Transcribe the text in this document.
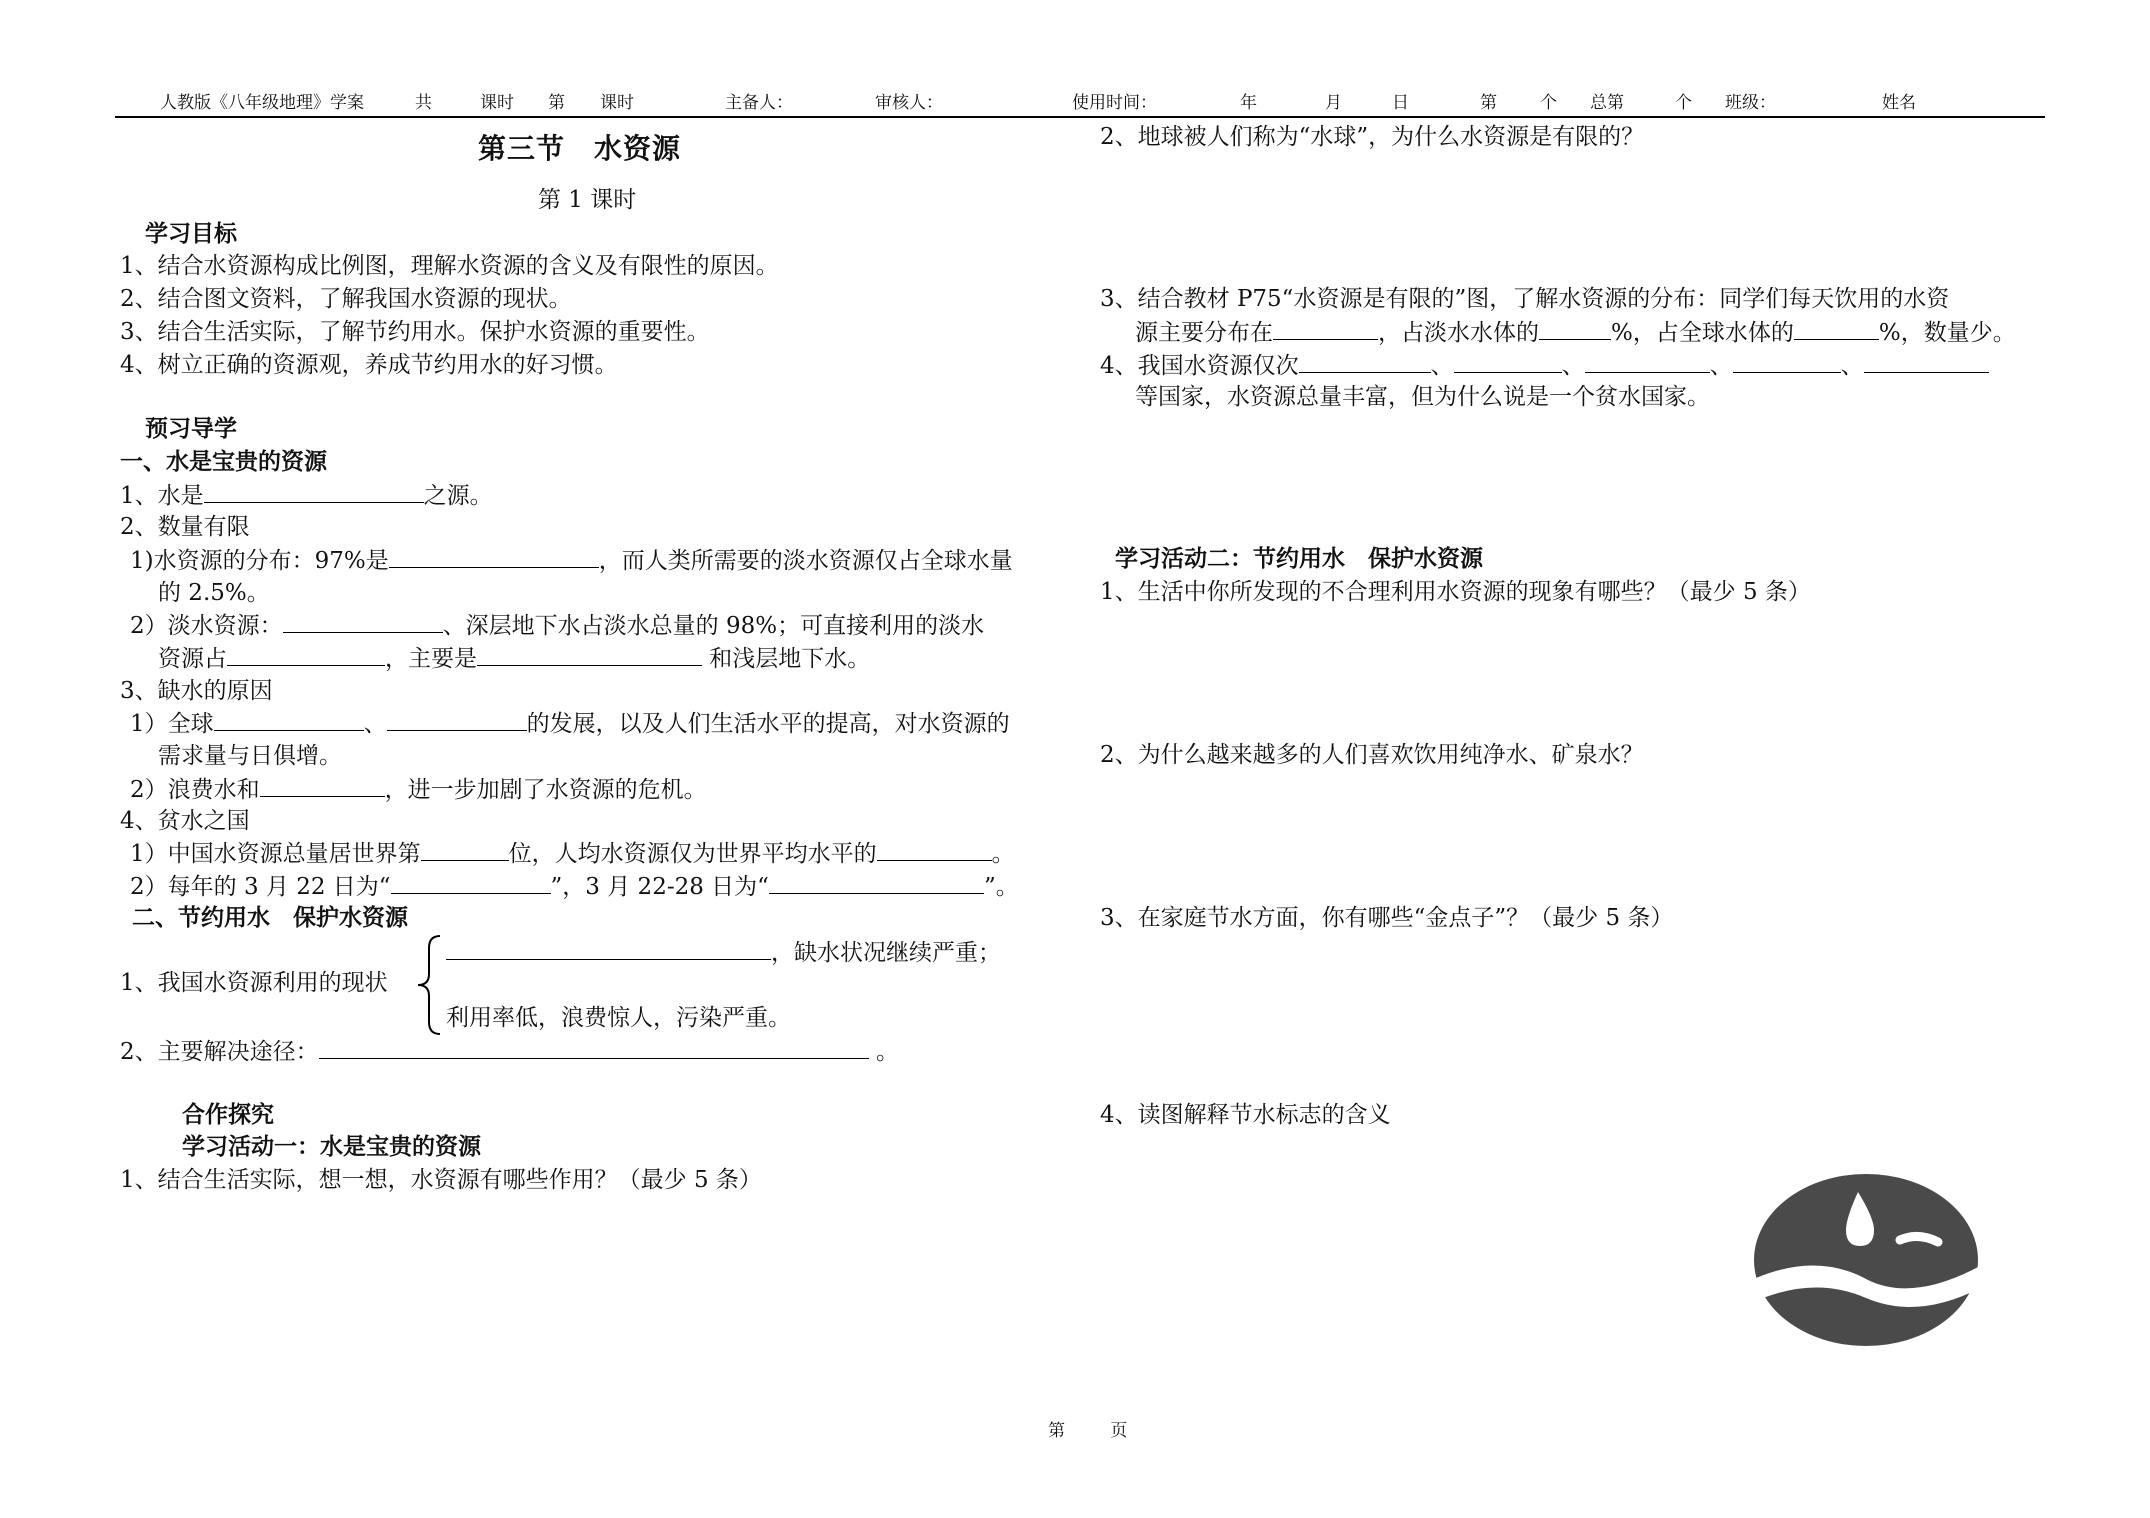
人教版《八年级地理》学案	共	课时 第 课时	主备人：	审核人：	使用时间：	年	月	日	第	个 总第	个 班级：	姓名
第三节　水资源
第 1 课时
学习目标
1、结合水资源构成比例图，理解水资源的含义及有限性的原因。
2、结合图文资料，了解我国水资源的现状。
3、结合生活实际，了解节约用水。保护水资源的重要性。
4、树立正确的资源观，养成节约用水的好习惯。
预习导学
一、水是宝贵的资源
1、水是	之源。
2、数量有限
1)水资源的分布：97%是	，而人类所需要的淡水资源仅占全球水量
的 2.5%。
2）淡水资源：	、深层地下水占淡水总量的 98%；可直接利用的淡水
资源占	，主要是	和浅层地下水。
3、缺水的原因
1）全球	、	的发展，以及人们生活水平的提高，对水资源的
需求量与日俱增。
2）浪费水和	，进一步加剧了水资源的危机。
4、贫水之国
1）中国水资源总量居世界第	位，人均水资源仅为世界平均水平的	。
2）每年的 3 月 22 日为“	”，3 月 22-28 日为“	”。
二、节约用水　保护水资源
1、我国水资源利用的现状
，缺水状况继续严重；
利用率低，浪费惊人，污染严重。
2、主要解决途径：	。
合作探究
学习活动一：水是宝贵的资源
1、结合生活实际，想一想，水资源有哪些作用？（最少 5 条）
2、地球被人们称为“水球”，为什么水资源是有限的？
3、结合教材 P75“水资源是有限的”图，了解水资源的分布：同学们每天饮用的水资
源主要分布在	，占淡水水体的	%，占全球水体的	%，数量少。
4、我国水资源仅次	、	、	、	、
等国家，水资源总量丰富，但为什么说是一个贫水国家。
学习活动二：节约用水　保护水资源
1、生活中你所发现的不合理利用水资源的现象有哪些？（最少 5 条）
2、为什么越来越多的人们喜欢饮用纯净水、矿泉水？
3、在家庭节水方面，你有哪些“金点子”？（最少 5 条）
4、读图解释节水标志的含义
第	页
